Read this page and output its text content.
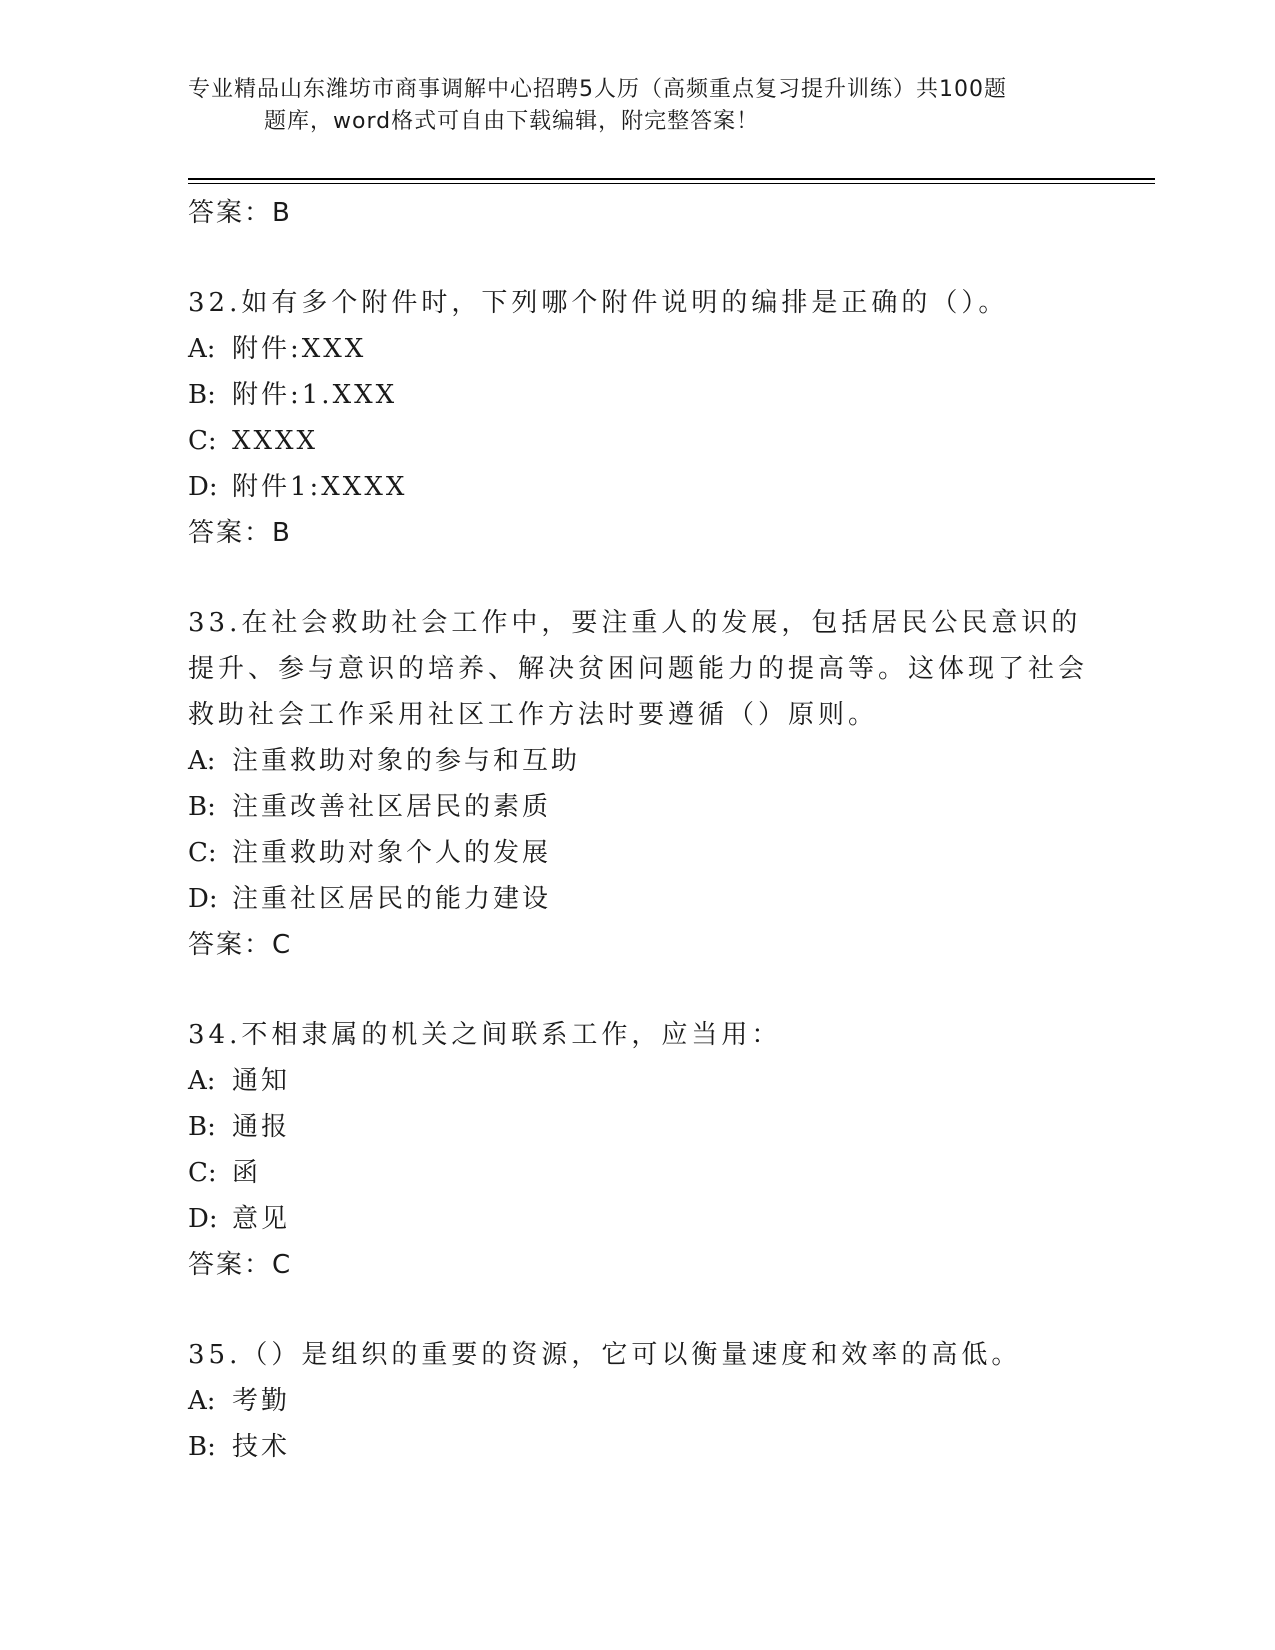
专业精品山东潍坊市商事调解中心招聘5人历（高频重点复习提升训练）共100题
题库，word格式可自由下载编辑，附完整答案！
答案：B
32.如有多个附件时，下列哪个附件说明的编排是正确的（）。
A: 附件:XXX
B: 附件:1.XXX
C: XXXX
D: 附件1:XXXX
答案：B
33.在社会救助社会工作中，要注重人的发展，包括居民公民意识的提升、参与意识的培养、解决贫困问题能力的提高等。这体现了社会救助社会工作采用社区工作方法时要遵循（）原则。
A: 注重救助对象的参与和互助
B: 注重改善社区居民的素质
C: 注重救助对象个人的发展
D: 注重社区居民的能力建设
答案：C
34.不相隶属的机关之间联系工作，应当用：
A: 通知
B: 通报
C: 函
D: 意见
答案：C
35.（）是组织的重要的资源，它可以衡量速度和效率的高低。
A: 考勤
B: 技术
